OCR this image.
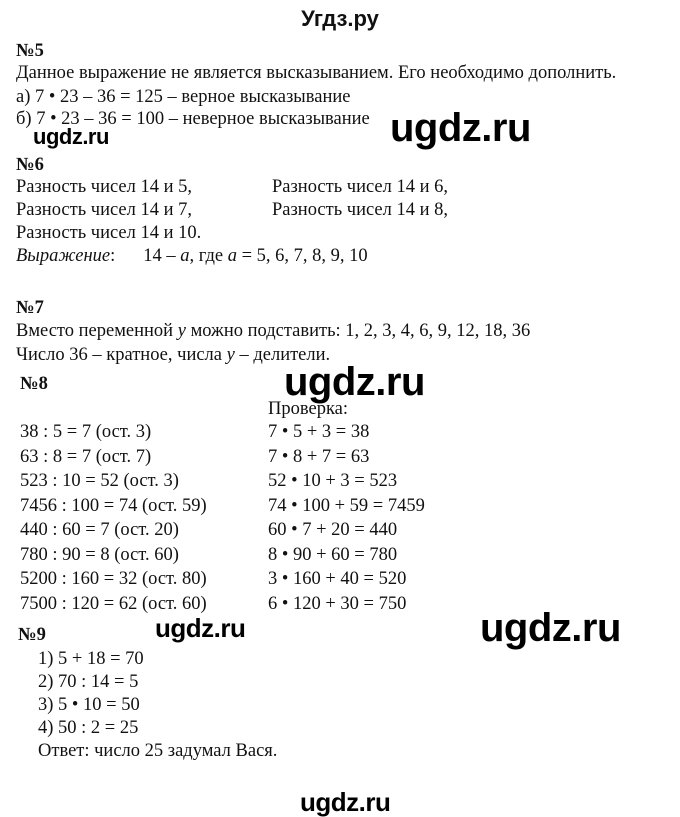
Угдз.ру
№5
Данное выражение не является высказыванием. Его необходимо дополнить.
а) 7 • 23 – 36 = 125 – верное высказывание
б) 7 • 23 – 36 = 100 – неверное высказывание
ugdz.ru	ugdz.ru
№6
Разность чисел 14 и 5,	Разность чисел 14 и 6,
Разность чисел 14 и 7,	Разность чисел 14 и 8,
Разность чисел 14 и 10.
Выражение: 14 – a, где a = 5, 6, 7, 8, 9, 10
№7
Вместо переменной y можно подставить: 1, 2, 3, 4, 6, 9, 12, 18, 36
Число 36 – кратное, числа y – делители.
№8	ugdz.ru
Проверка:
38 : 5 = 7 (ост. 3)	7 • 5 + 3 = 38
63 : 8 = 7 (ост. 7)	7 • 8 + 7 = 63
523 : 10 = 52 (ост. 3)	52 • 10 + 3 = 523
7456 : 100 = 74 (ост. 59)	74 • 100 + 59 = 7459
440 : 60 = 7 (ост. 20)	60 • 7 + 20 = 440
780 : 90 = 8 (ост. 60)	8 • 90 + 60 = 780
5200 : 160 = 32 (ост. 80)	3 • 160 + 40 = 520
7500 : 120 = 62 (ост. 60)	6 • 120 + 30 = 750
ugdz.ru	ugdz.ru
№9
1) 5 + 18 = 70
2) 70 : 14 = 5
3) 5 • 10 = 50
4) 50 : 2 = 25
Ответ: число 25 задумал Вася.
ugdz.ru
